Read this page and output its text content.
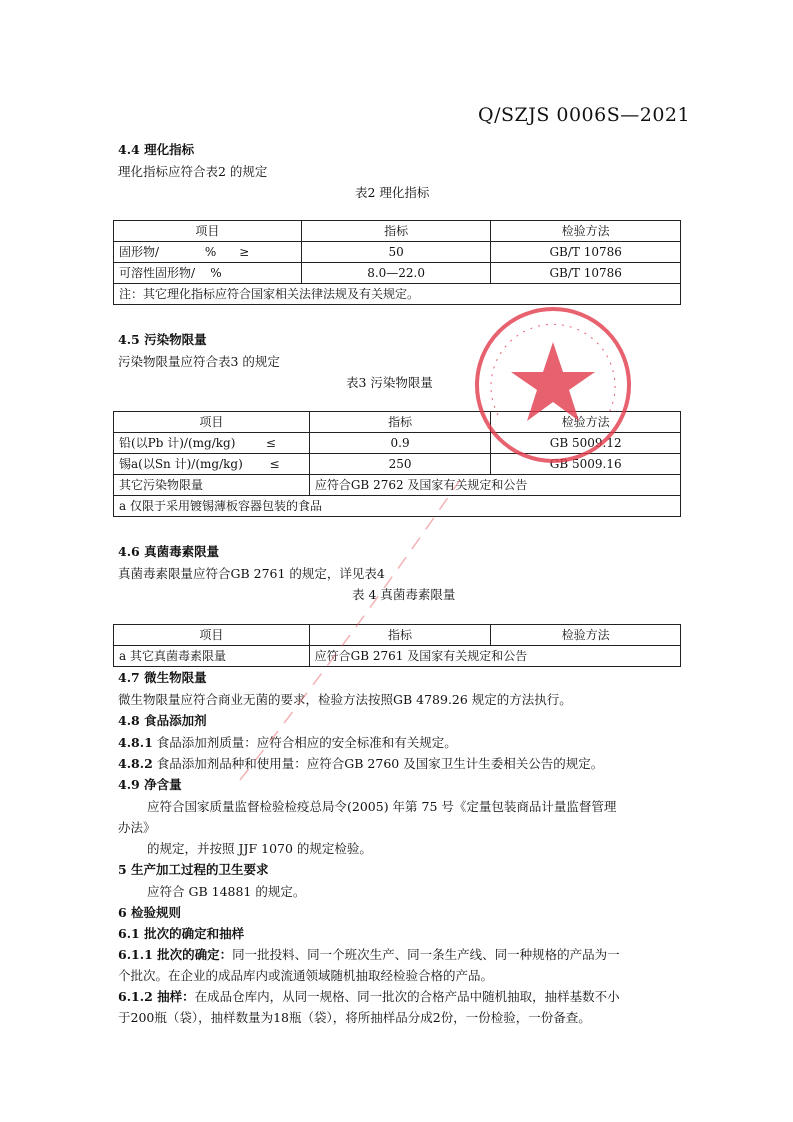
Q/SZJS 0006S—2021
4.4 理化指标
理化指标应符合表2 的规定
表2 理化指标
项目	指标	检验方法
固形物/            %      ≥	50	GB/T 10786
可溶性固形物/    %	8.0—22.0	GB/T 10786
注：其它理化指标应符合国家相关法律法规及有关规定。		
4.5 污染物限量
污染物限量应符合表3 的规定
表3 污染物限量
项目	指标	检验方法
铅(以Pb 计)/(mg/kg)        ≤	0.9	GB 5009.12
锡a(以Sn 计)/(mg/kg)       ≤	250	GB 5009.16
其它污染物限量	应符合GB 2762 及国家有关规定和公告	
a 仅限于采用镀锡薄板容器包装的食品		
4.6 真菌毒素限量
真菌毒素限量应符合GB 2761 的规定，详见表4
表 4 真菌毒素限量
项目	指标	检验方法
a 其它真菌毒素限量	应符合GB 2761 及国家有关规定和公告	
4.7 微生物限量
微生物限量应符合商业无菌的要求，检验方法按照GB 4789.26 规定的方法执行。
4.8 食品添加剂
4.8.1 食品添加剂质量：应符合相应的安全标准和有关规定。
4.8.2 食品添加剂品种和使用量：应符合GB 2760 及国家卫生计生委相关公告的规定。
4.9 净含量
应符合国家质量监督检验检疫总局令(2005) 年第 75 号《定量包装商品计量监督管理
办法》
的规定，并按照 JJF 1070 的规定检验。
5 生产加工过程的卫生要求
应符合 GB 14881 的规定。
6 检验规则
6.1 批次的确定和抽样
6.1.1 批次的确定：同一批投料、同一个班次生产、同一条生产线、同一种规格的产品为一
个批次。在企业的成品库内或流通领域随机抽取经检验合格的产品。
6.1.2 抽样：在成品仓库内，从同一规格、同一批次的合格产品中随机抽取，抽样基数不小
于200瓶（袋），抽样数量为18瓶（袋），将所抽样品分成2份，一份检验，一份备查。
